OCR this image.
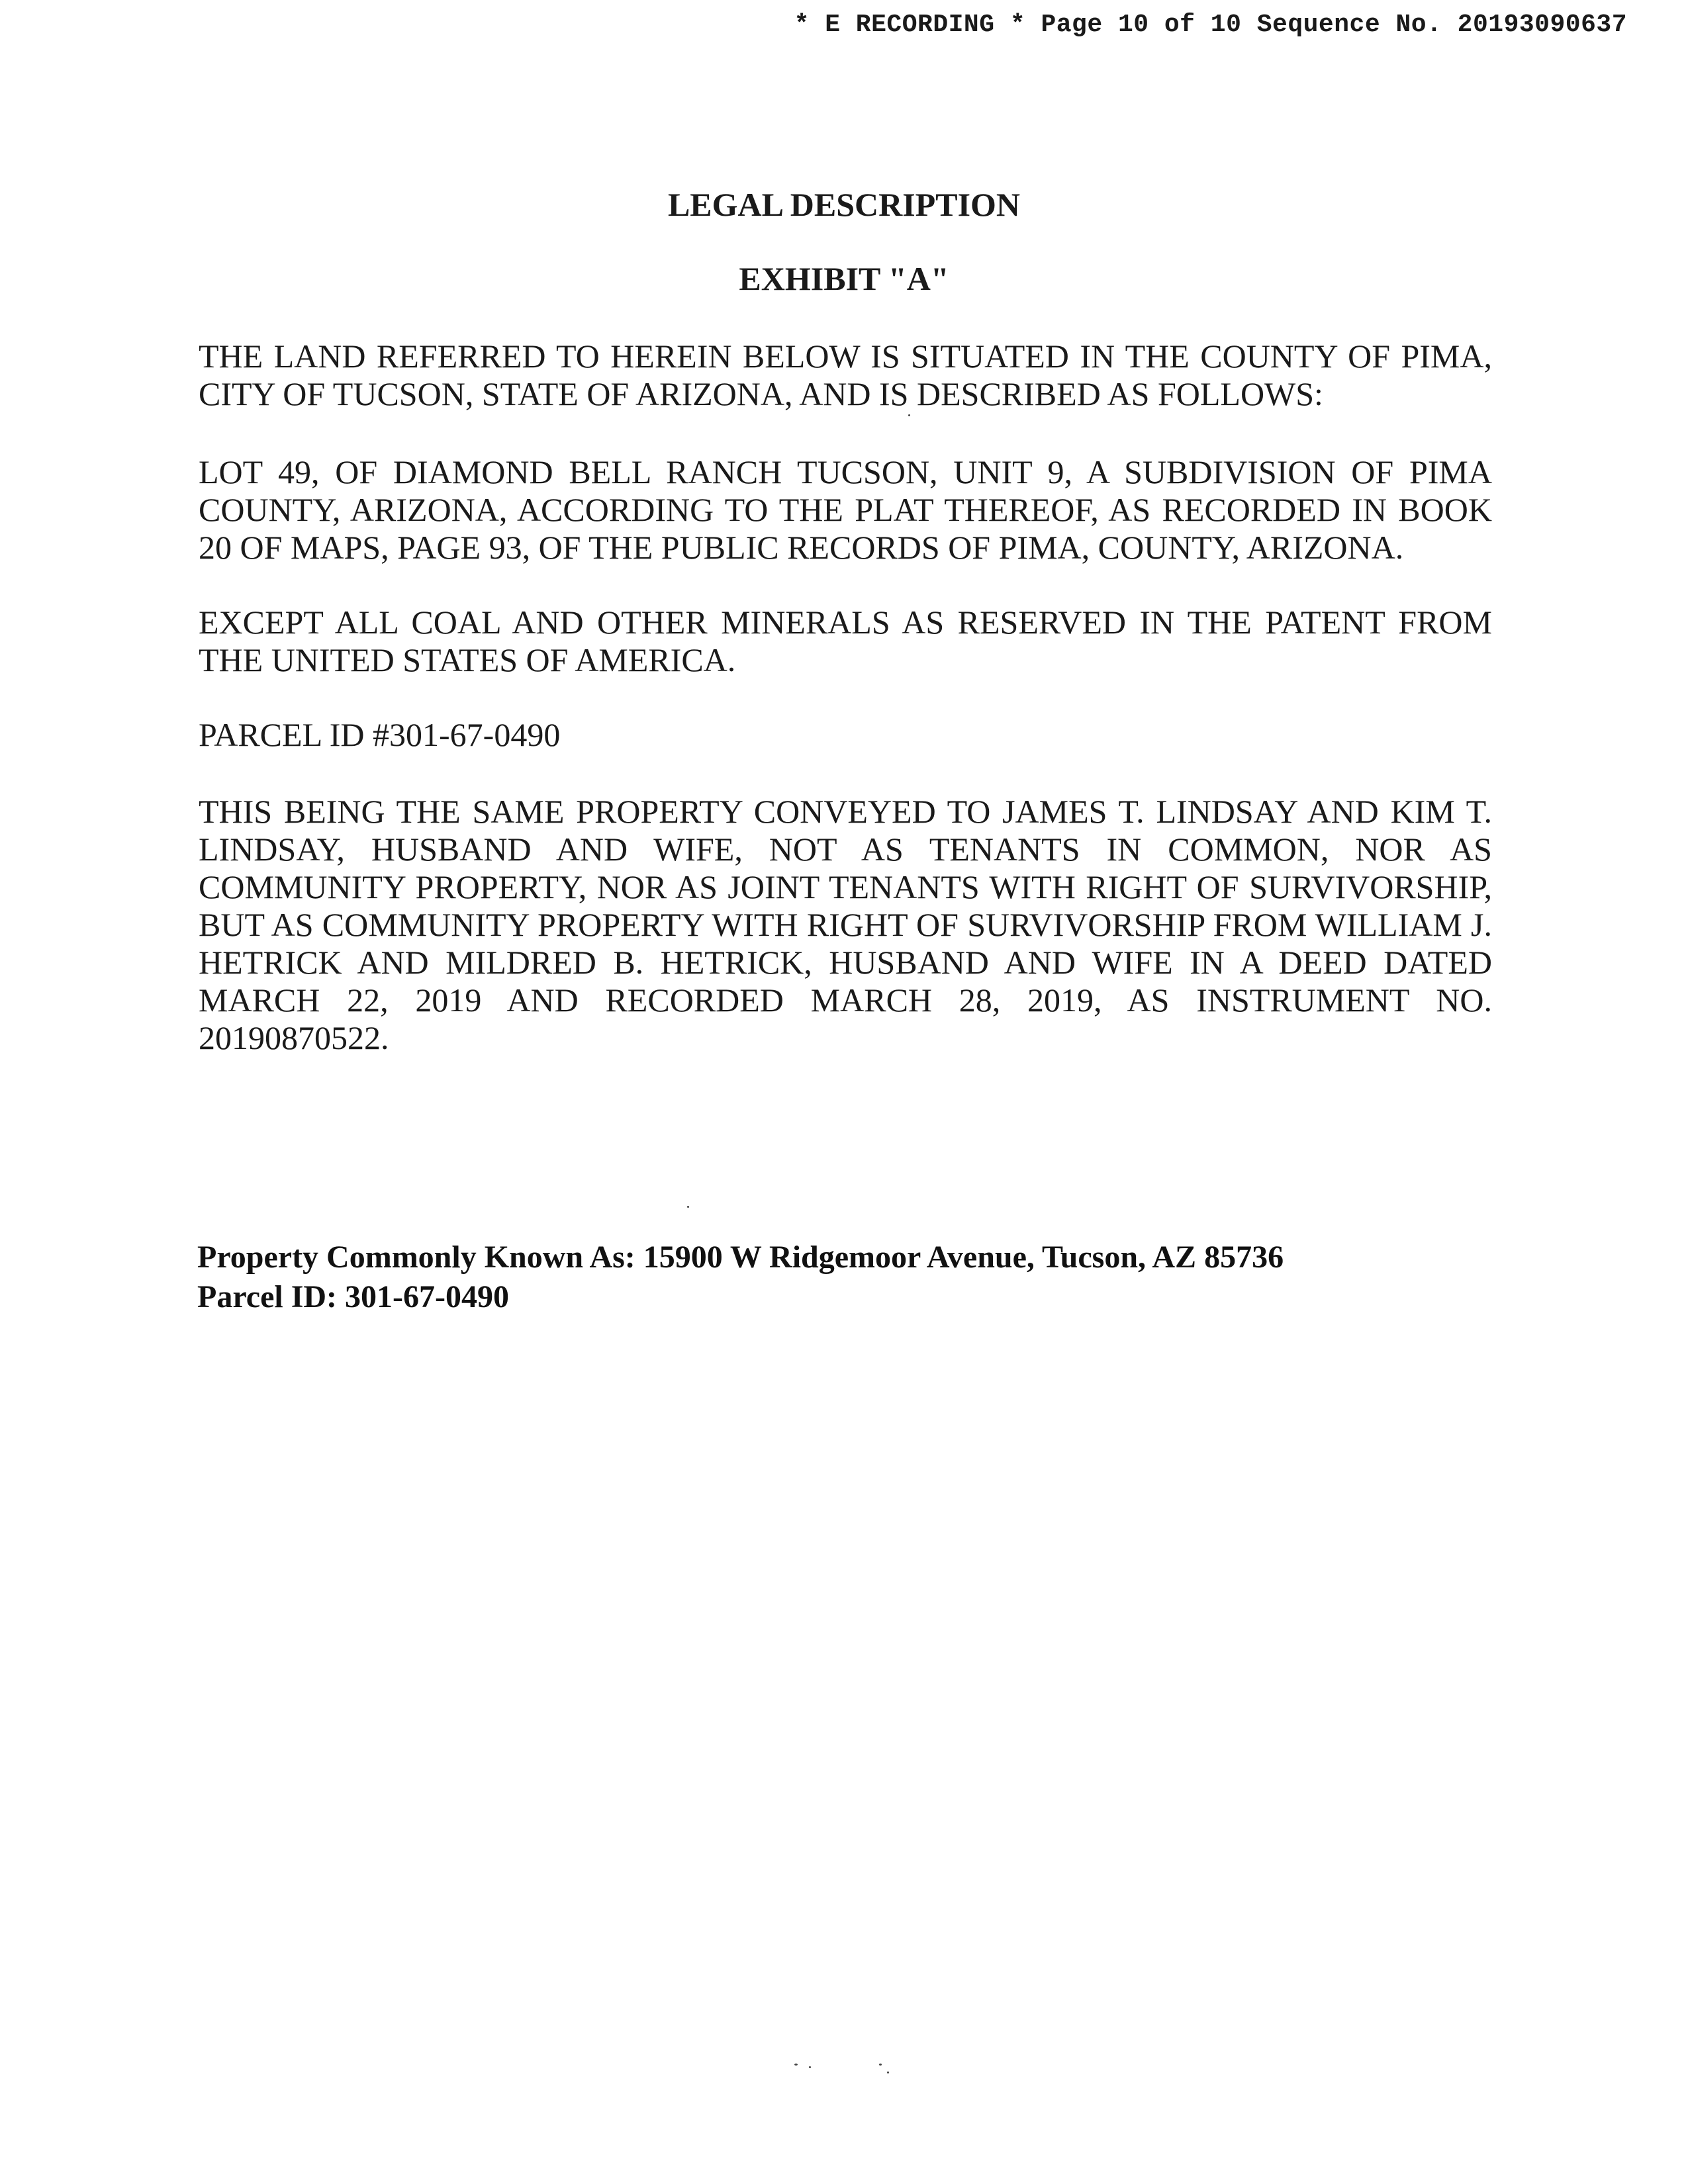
* E RECORDING * Page 10 of 10 Sequence No. 20193090637
LEGAL DESCRIPTION
EXHIBIT "A"

THE LAND REFERRED TO HEREIN BELOW IS SITUATED IN THE COUNTY OF PIMA, CITY OF TUCSON, STATE OF ARIZONA, AND IS DESCRIBED AS FOLLOWS:

LOT 49, OF DIAMOND BELL RANCH TUCSON, UNIT 9, A SUBDIVISION OF PIMA COUNTY, ARIZONA, ACCORDING TO THE PLAT THEREOF, AS RECORDED IN BOOK 20 OF MAPS, PAGE 93, OF THE PUBLIC RECORDS OF PIMA, COUNTY, ARIZONA.

EXCEPT ALL COAL AND OTHER MINERALS AS RESERVED IN THE PATENT FROM THE UNITED STATES OF AMERICA.

PARCEL ID #301-67-0490

THIS BEING THE SAME PROPERTY CONVEYED TO JAMES T. LINDSAY AND KIM T. LINDSAY, HUSBAND AND WIFE, NOT AS TENANTS IN COMMON, NOR AS COMMUNITY PROPERTY, NOR AS JOINT TENANTS WITH RIGHT OF SURVIVORSHIP, BUT AS COMMUNITY PROPERTY WITH RIGHT OF SURVIVORSHIP FROM WILLIAM J. HETRICK AND MILDRED B. HETRICK, HUSBAND AND WIFE IN A DEED DATED MARCH 22, 2019 AND RECORDED MARCH 28, 2019, AS INSTRUMENT NO. 20190870522.

Property Commonly Known As: 15900 W Ridgemoor Avenue, Tucson, AZ 85736

Parcel ID: 301-67-0490
